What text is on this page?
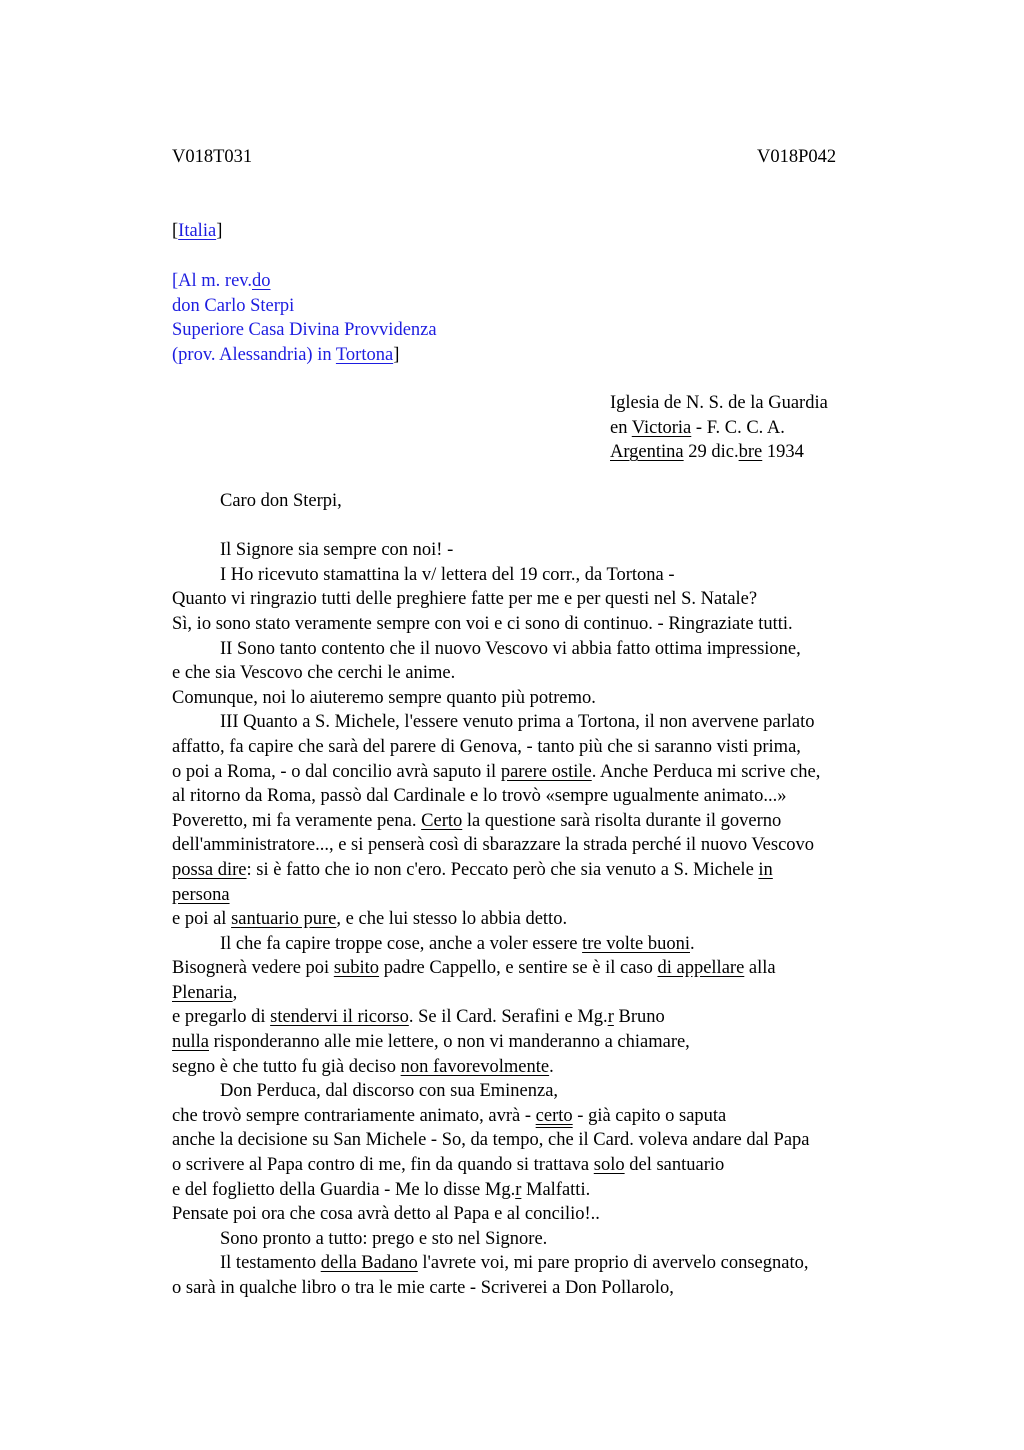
V018T031	V018P042
[Italia]
[Al m. rev.do
don Carlo Sterpi
Superiore Casa Divina Provvidenza
(prov. Alessandria) in Tortona]
Iglesia de N. S. de la Guardia
en Victoria - F. C. C. A.
Argentina 29 dic.bre 1934
Caro don Sterpi,

Il Signore sia sempre con noi! -
I Ho ricevuto stamattina la v/ lettera del 19 corr., da Tortona -
Quanto vi ringrazio tutti delle preghiere fatte per me e per questi nel S. Natale?
Sì, io sono stato veramente sempre con voi e ci sono di continuo. - Ringraziate tutti.
II Sono tanto contento che il nuovo Vescovo vi abbia fatto ottima impressione,
e che sia Vescovo che cerchi le anime.
Comunque, noi lo aiuteremo sempre quanto più potremo.
III Quanto a S. Michele, l'essere venuto prima a Tortona, il non avervene parlato
affatto, fa capire che sarà del parere di Genova, - tanto più che si saranno visti prima,
o poi a Roma, - o dal concilio avrà saputo il parere ostile. Anche Perduca mi scrive che,
al ritorno da Roma, passò dal Cardinale e lo trovò «sempre ugualmente animato...»
Poveretto, mi fa veramente pena. Certo la questione sarà risolta durante il governo
dell'amministratore..., e si penserà così di sbarazzare la strada perché il nuovo Vescovo
possa dire: si è fatto che io non c'ero. Peccato però che sia venuto a S. Michele in
persona
e poi al santuario pure, e che lui stesso lo abbia detto.
Il che fa capire troppe cose, anche a voler essere tre volte buoni.
Bisognerà vedere poi subito padre Cappello, e sentire se è il caso di appellare alla
Plenaria,
e pregarlo di stendervi il ricorso. Se il Card. Serafini e Mg.r Bruno
nulla risponderanno alle mie lettere, o non vi manderanno a chiamare,
segno è che tutto fu già deciso non favorevolmente.
Don Perduca, dal discorso con sua Eminenza,
che trovò sempre contrariamente animato, avrà - certo - già capito o saputa
anche la decisione su San Michele - So, da tempo, che il Card. voleva andare dal Papa
o scrivere al Papa contro di me, fin da quando si trattava solo del santuario
e del foglietto della Guardia - Me lo disse Mg.r Malfatti.
Pensate poi ora che cosa avrà detto al Papa e al concilio!..
Sono pronto a tutto: prego e sto nel Signore.
Il testamento della Badano l'avrete voi, mi pare proprio di avervelo consegnato,
o sarà in qualche libro o tra le mie carte - Scriverei a Don Pollarolo,
